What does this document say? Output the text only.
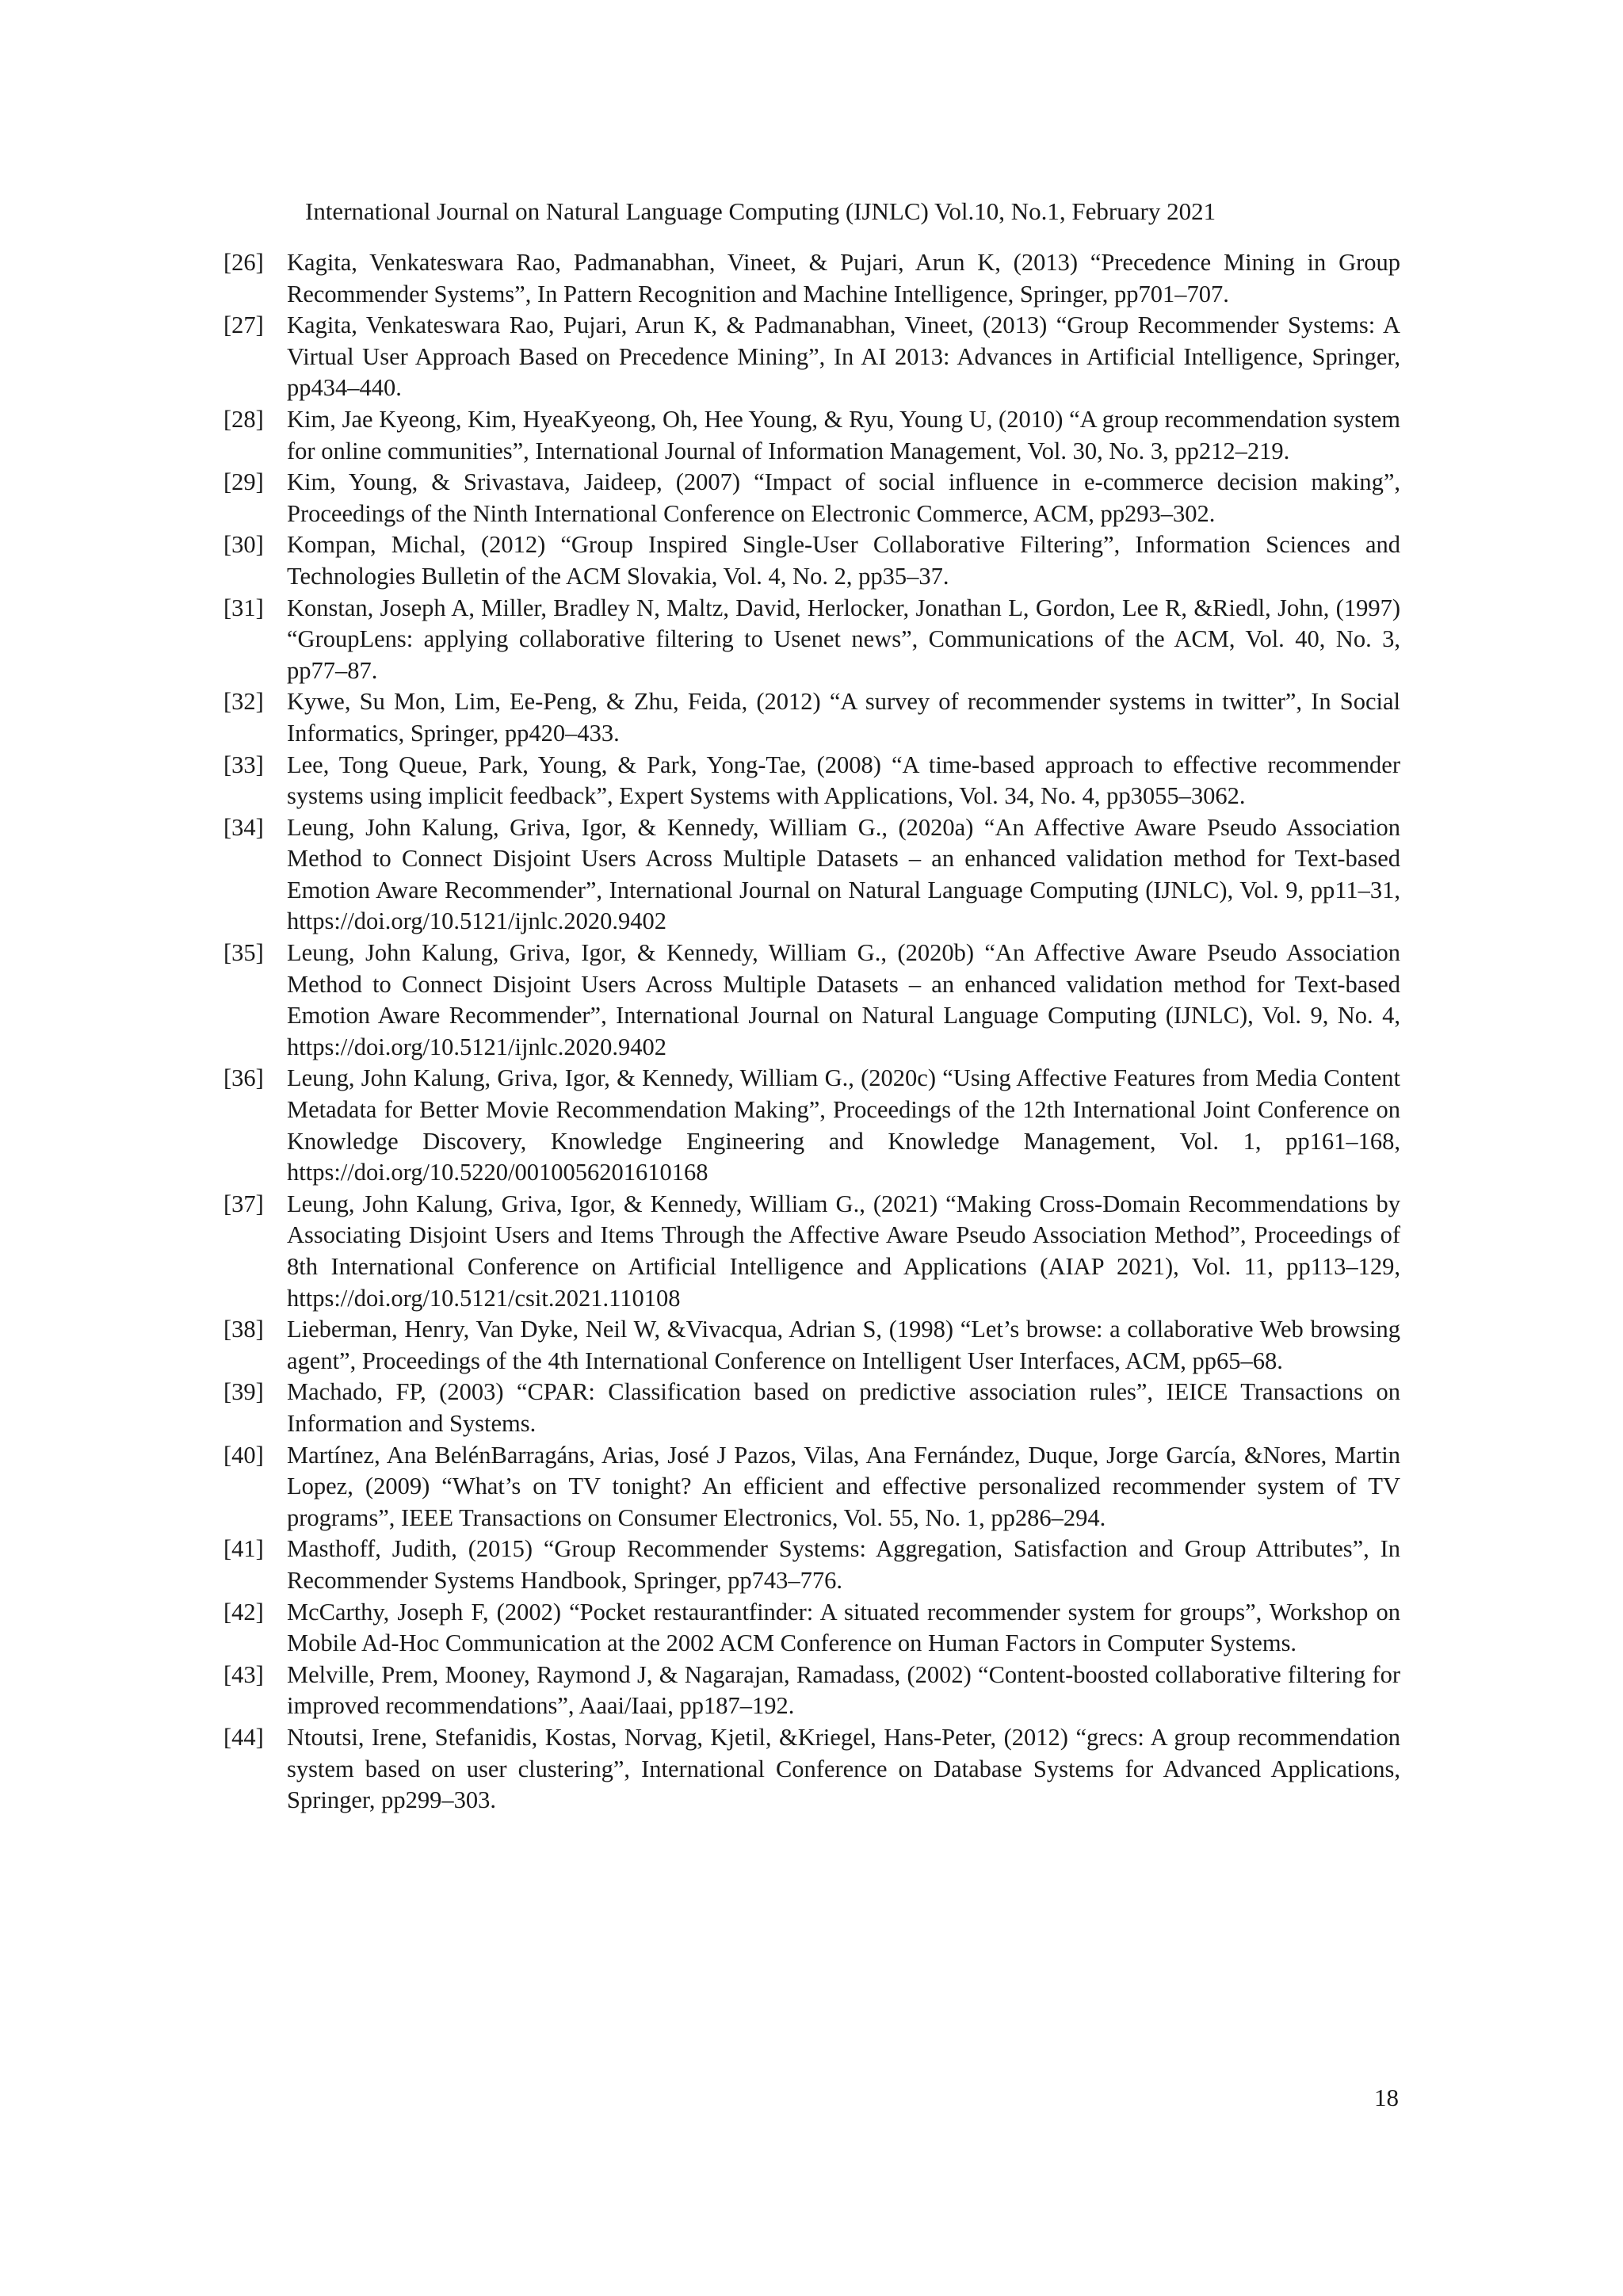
International Journal on Natural Language Computing (IJNLC) Vol.10, No.1, February 2021
[26] Kagita, Venkateswara Rao, Padmanabhan, Vineet, & Pujari, Arun K, (2013) “Precedence Mining in Group Recommender Systems”, In Pattern Recognition and Machine Intelligence, Springer, pp701–707.
[27] Kagita, Venkateswara Rao, Pujari, Arun K, & Padmanabhan, Vineet, (2013) “Group Recommender Systems: A Virtual User Approach Based on Precedence Mining”, In AI 2013: Advances in Artificial Intelligence, Springer, pp434–440.
[28] Kim, Jae Kyeong, Kim, HyeaKyeong, Oh, Hee Young, & Ryu, Young U, (2010) “A group recommendation system for online communities”, International Journal of Information Management, Vol. 30, No. 3, pp212–219.
[29] Kim, Young, & Srivastava, Jaideep, (2007) “Impact of social influence in e-commerce decision making”, Proceedings of the Ninth International Conference on Electronic Commerce, ACM, pp293–302.
[30] Kompan, Michal, (2012) “Group Inspired Single-User Collaborative Filtering”, Information Sciences and Technologies Bulletin of the ACM Slovakia, Vol. 4, No. 2, pp35–37.
[31] Konstan, Joseph A, Miller, Bradley N, Maltz, David, Herlocker, Jonathan L, Gordon, Lee R, &Riedl, John, (1997) “GroupLens: applying collaborative filtering to Usenet news”, Communications of the ACM, Vol. 40, No. 3, pp77–87.
[32] Kywe, Su Mon, Lim, Ee-Peng, & Zhu, Feida, (2012) “A survey of recommender systems in twitter”, In Social Informatics, Springer, pp420–433.
[33] Lee, Tong Queue, Park, Young, & Park, Yong-Tae, (2008) “A time-based approach to effective recommender systems using implicit feedback”, Expert Systems with Applications, Vol. 34, No. 4, pp3055–3062.
[34] Leung, John Kalung, Griva, Igor, & Kennedy, William G., (2020a) “An Affective Aware Pseudo Association Method to Connect Disjoint Users Across Multiple Datasets – an enhanced validation method for Text-based Emotion Aware Recommender”, International Journal on Natural Language Computing (IJNLC), Vol. 9, pp11–31, https://doi.org/10.5121/ijnlc.2020.9402
[35] Leung, John Kalung, Griva, Igor, & Kennedy, William G., (2020b) “An Affective Aware Pseudo Association Method to Connect Disjoint Users Across Multiple Datasets – an enhanced validation method for Text-based Emotion Aware Recommender”, International Journal on Natural Language Computing (IJNLC), Vol. 9, No. 4, https://doi.org/10.5121/ijnlc.2020.9402
[36] Leung, John Kalung, Griva, Igor, & Kennedy, William G., (2020c) “Using Affective Features from Media Content Metadata for Better Movie Recommendation Making”, Proceedings of the 12th International Joint Conference on Knowledge Discovery, Knowledge Engineering and Knowledge Management, Vol. 1, pp161–168, https://doi.org/10.5220/0010056201610168
[37] Leung, John Kalung, Griva, Igor, & Kennedy, William G., (2021) “Making Cross-Domain Recommendations by Associating Disjoint Users and Items Through the Affective Aware Pseudo Association Method”, Proceedings of 8th International Conference on Artificial Intelligence and Applications (AIAP 2021), Vol. 11, pp113–129, https://doi.org/10.5121/csit.2021.110108
[38] Lieberman, Henry, Van Dyke, Neil W, &Vivacqua, Adrian S, (1998) “Let’s browse: a collaborative Web browsing agent”, Proceedings of the 4th International Conference on Intelligent User Interfaces, ACM, pp65–68.
[39] Machado, FP, (2003) “CPAR: Classification based on predictive association rules”, IEICE Transactions on Information and Systems.
[40] Martínez, Ana BelénBarragáns, Arias, José J Pazos, Vilas, Ana Fernández, Duque, Jorge García, &Nores, Martin Lopez, (2009) “What’s on TV tonight? An efficient and effective personalized recommender system of TV programs”, IEEE Transactions on Consumer Electronics, Vol. 55, No. 1, pp286–294.
[41] Masthoff, Judith, (2015) “Group Recommender Systems: Aggregation, Satisfaction and Group Attributes”, In Recommender Systems Handbook, Springer, pp743–776.
[42] McCarthy, Joseph F, (2002) “Pocket restaurantfinder: A situated recommender system for groups”, Workshop on Mobile Ad-Hoc Communication at the 2002 ACM Conference on Human Factors in Computer Systems.
[43] Melville, Prem, Mooney, Raymond J, & Nagarajan, Ramadass, (2002) “Content-boosted collaborative filtering for improved recommendations”, Aaai/Iaai, pp187–192.
[44] Ntoutsi, Irene, Stefanidis, Kostas, Norvag, Kjetil, &Kriegel, Hans-Peter, (2012) “grecs: A group recommendation system based on user clustering”, International Conference on Database Systems for Advanced Applications, Springer, pp299–303.
18
